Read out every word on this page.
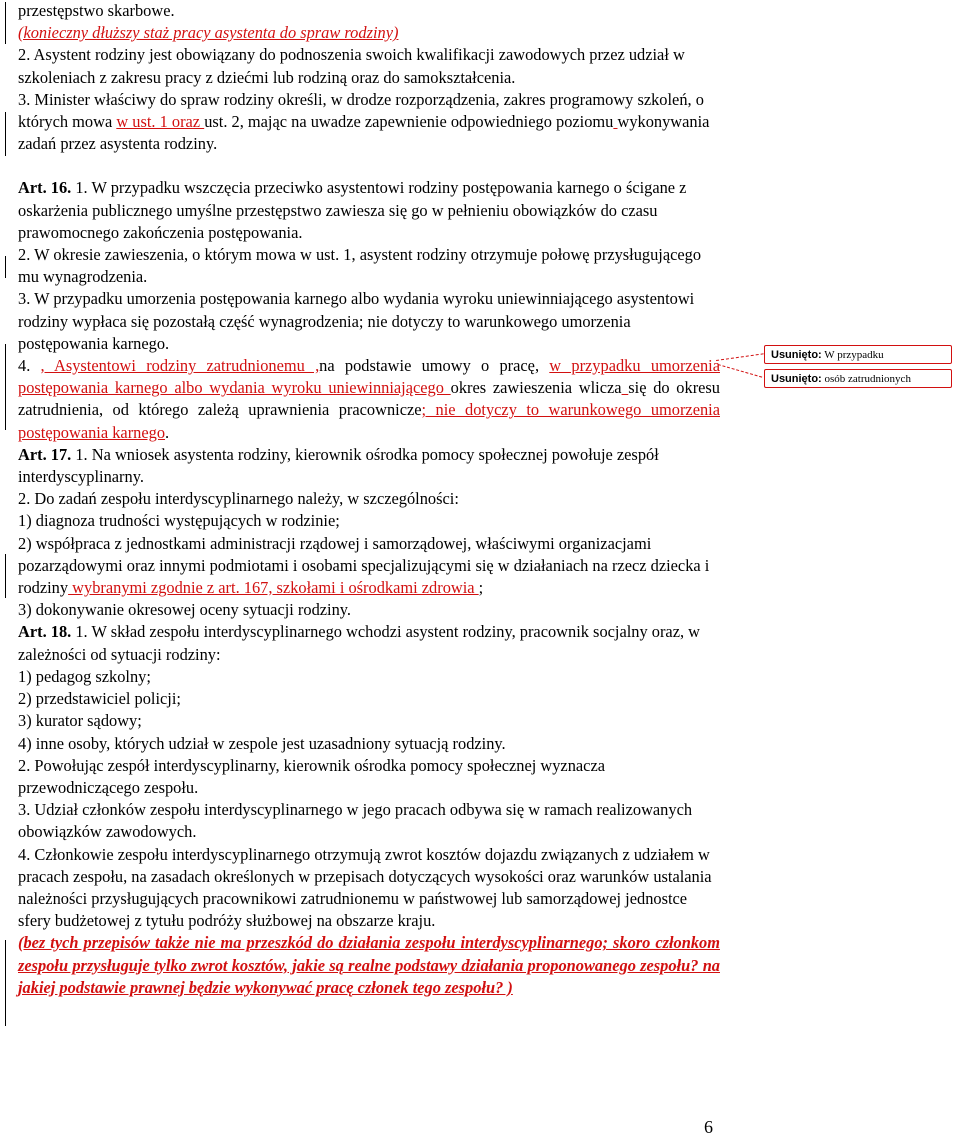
przestępstwo skarbowe.
(konieczny dłuższy staż pracy asystenta do spraw rodziny)
2. Asystent rodziny jest obowiązany do podnoszenia swoich kwalifikacji zawodowych przez udział w szkoleniach z zakresu pracy z dziećmi lub rodziną oraz do samokształcenia.
3. Minister właściwy do spraw rodziny określi, w drodze rozporządzenia, zakres programowy szkoleń, o których mowa w ust. 1 oraz ust. 2, mając na uwadze zapewnienie odpowiedniego poziomu wykonywania zadań przez asystenta rodziny.
Art. 16. 1. W przypadku wszczęcia przeciwko asystentowi rodziny postępowania karnego o ścigane z oskarżenia publicznego umyślne przestępstwo zawiesza się go w pełnieniu obowiązków do czasu prawomocnego zakończenia postępowania.
2. W okresie zawieszenia, o którym mowa w ust. 1, asystent rodziny otrzymuje połowę przysługującego mu wynagrodzenia.
3. W przypadku umorzenia postępowania karnego albo wydania wyroku uniewinniającego asystentowi rodziny wypłaca się pozostałą część wynagrodzenia; nie dotyczy to warunkowego umorzenia postępowania karnego.
4. , Asystentowi rodziny zatrudnionemu ,na podstawie umowy o pracę, w przypadku umorzenia postępowania karnego albo wydania wyroku uniewinniającego okres zawieszenia wlicza się do okresu zatrudnienia, od którego zależą uprawnienia pracownicze; nie dotyczy to warunkowego umorzenia postępowania karnego.
Art. 17. 1. Na wniosek asystenta rodziny, kierownik ośrodka pomocy społecznej powołuje zespół interdyscyplinarny.
2. Do zadań zespołu interdyscyplinarnego należy, w szczególności:
1) diagnoza trudności występujących w rodzinie;
2) współpraca z jednostkami administracji rządowej i samorządowej, właściwymi organizacjami pozarządowymi oraz innymi podmiotami i osobami specjalizującymi się w działaniach na rzecz dziecka i rodziny wybranymi zgodnie z art. 167, szkołami i ośrodkami zdrowia ;
3) dokonywanie okresowej oceny sytuacji rodziny.
Art. 18. 1. W skład zespołu interdyscyplinarnego wchodzi asystent rodziny, pracownik socjalny oraz, w zależności od sytuacji rodziny:
1) pedagog szkolny;
2) przedstawiciel policji;
3) kurator sądowy;
4) inne osoby, których udział w zespole jest uzasadniony sytuacją rodziny.
2. Powołując zespół interdyscyplinarny, kierownik ośrodka pomocy społecznej wyznacza przewodniczącego zespołu.
3. Udział członków zespołu interdyscyplinarnego w jego pracach odbywa się w ramach realizowanych obowiązków zawodowych.
4. Członkowie zespołu interdyscyplinarnego otrzymują zwrot kosztów dojazdu związanych z udziałem w pracach zespołu, na zasadach określonych w przepisach dotyczących wysokości oraz warunków ustalania należności przysługujących pracownikowi zatrudnionemu w państwowej lub samorządowej jednostce sfery budżetowej z tytułu podróży służbowej na obszarze kraju.
(bez tych przepisów także nie ma przeszkód do działania zespołu interdyscyplinarnego; skoro członkom zespołu przysługuje tylko zwrot kosztów, jakie są realne podstawy działania proponowanego zespołu? na jakiej podstawie prawnej będzie wykonywać pracę członek tego zespołu? )
Usunięto: W przypadku
Usunięto: osób zatrudnionych
6
